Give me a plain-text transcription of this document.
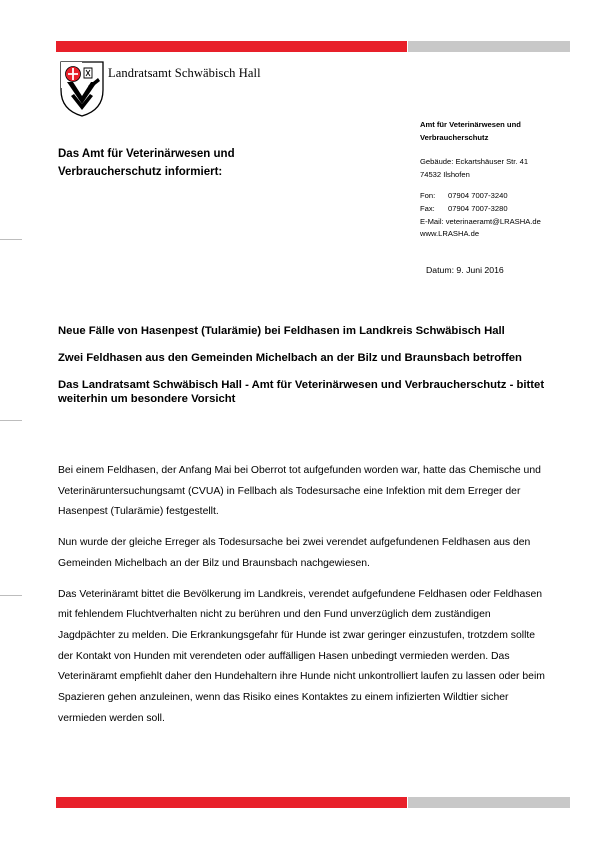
Landratsamt Schwäbisch Hall
Das Amt für Veterinärwesen und
Verbraucherschutz informiert:
Amt für Veterinärwesen und
Verbraucherschutz
Gebäude: Eckartshäuser Str. 41
74532 Ilshofen
Fon: 07904 7007-3240
Fax: 07904 7007-3280
E-Mail: veterinaeramt@LRASHA.de
www.LRASHA.de
Datum: 9. Juni 2016
Neue Fälle von Hasenpest (Tularämie) bei Feldhasen im Landkreis Schwäbisch Hall
Zwei Feldhasen aus den Gemeinden Michelbach an der Bilz und Braunsbach betroffen
Das Landratsamt Schwäbisch Hall - Amt für Veterinärwesen und Verbraucherschutz - bittet weiterhin um besondere Vorsicht

Bei einem Feldhasen, der Anfang Mai bei Oberrot tot aufgefunden worden war, hatte das Chemische und Veterinäruntersuchungsamt (CVUA) in Fellbach als Todesursache eine Infektion mit dem Erreger der Hasenpest (Tularämie) festgestellt.

Nun wurde der gleiche Erreger als Todesursache bei zwei verendet aufgefundenen Feldhasen aus den Gemeinden Michelbach an der Bilz und Braunsbach nachgewiesen.

Das Veterinäramt bittet die Bevölkerung im Landkreis, verendet aufgefundene Feldhasen oder Feldhasen mit fehlendem Fluchtverhalten nicht zu berühren und den Fund unverzüglich dem zuständigen Jagdpächter zu melden. Die Erkrankungsgefahr für Hunde ist zwar geringer einzustufen, trotzdem sollte der Kontakt von Hunden mit verendeten oder auffälligen Hasen unbedingt vermieden werden. Das Veterinäramt empfiehlt daher den Hundehaltern ihre Hunde nicht unkontrolliert laufen zu lassen oder beim Spazieren gehen anzuleinen, wenn das Risiko eines Kontaktes zu einem infizierten Wildtier sicher vermieden werden soll.
